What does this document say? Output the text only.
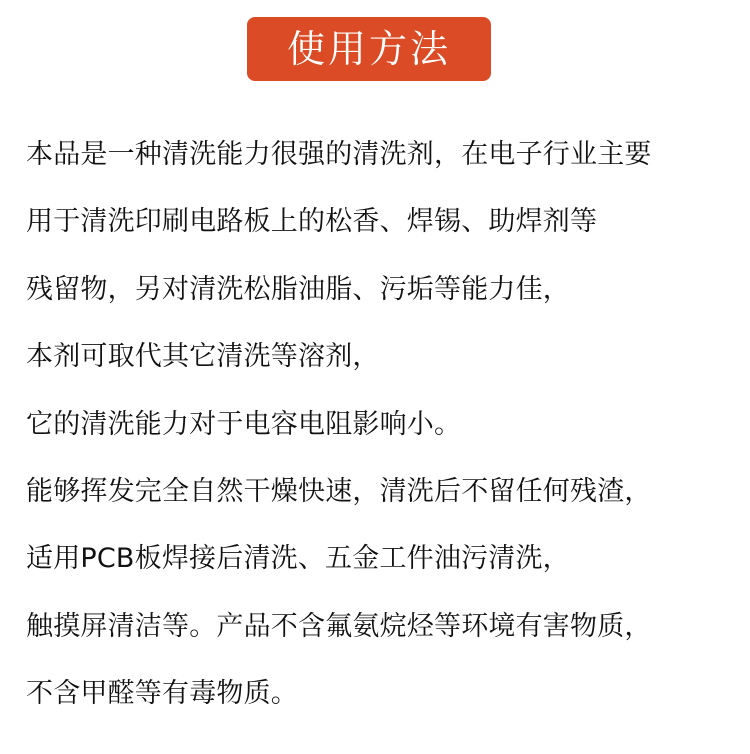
使用方法
本品是一种清洗能力很强的清洗剂，在电子行业主要
用于清洗印刷电路板上的松香、焊锡、助焊剂等
残留物，另对清洗松脂油脂、污垢等能力佳，
本剂可取代其它清洗等溶剂，
它的清洗能力对于电容电阻影响小。
能够挥发完全自然干燥快速，清洗后不留任何残渣，
适用PCB板焊接后清洗、五金工件油污清洗，
触摸屏清洁等。产品不含氟氨烷烃等环境有害物质，
不含甲醛等有毒物质。
